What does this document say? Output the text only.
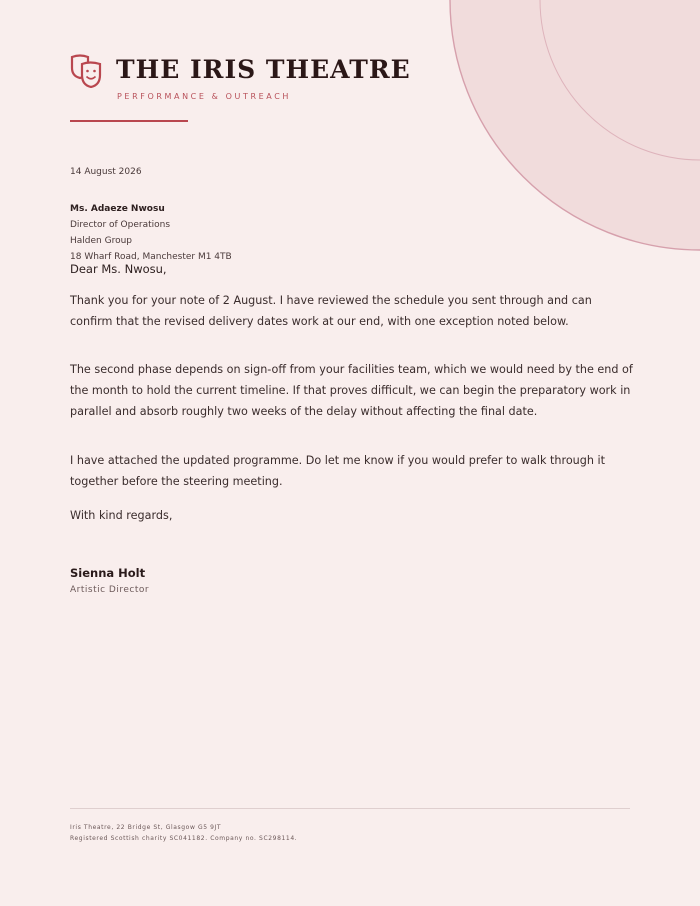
THE IRIS THEATRE
PERFORMANCE & OUTREACH
14 August 2026
Ms. Adaeze Nwosu
Director of Operations
Halden Group
18 Wharf Road, Manchester M1 4TB
Dear Ms. Nwosu,

Thank you for your note of 2 August. I have reviewed the schedule you sent through and can confirm that the revised delivery dates work at our end, with one exception noted below.

The second phase depends on sign-off from your facilities team, which we would need by the end of the month to hold the current timeline. If that proves difficult, we can begin the preparatory work in parallel and absorb roughly two weeks of the delay without affecting the final date.

I have attached the updated programme. Do let me know if you would prefer to walk through it together before the steering meeting.

With kind regards,
Sienna Holt
Artistic Director
Iris Theatre, 22 Bridge St, Glasgow G5 9JT
Registered Scottish charity SC041182. Company no. SC298114.
